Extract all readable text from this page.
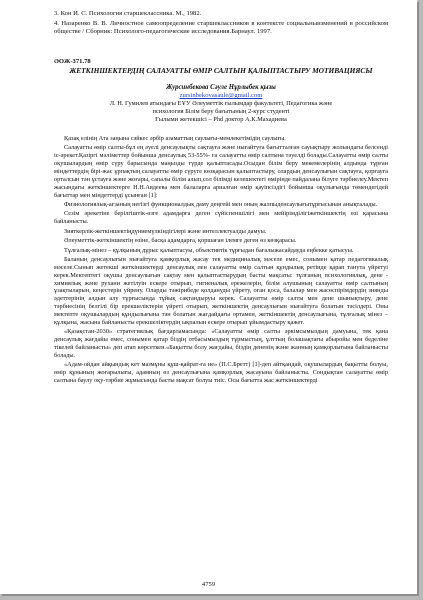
3. Кон И. С. Психология старшеклассника. М., 1982.
4. Назаренко В. В. Личностное самоопределение старшеклассников в контексте социальныизменений в российском обществе / Сборник: Психолого-педагогические исследования.Барнаул. 1997.
ӘОЖ-371.78
ЖЕТКІНШЕКТЕРДІҢ САЛАУАТТЫ ӨМІР САЛТЫН ҚАЛЫПТАСТЫРУ МОТИВАЦИЯСЫ
Журсинбекова Сәуле Нұрлыбек қызы
zursinbekovasaule@gmail.com
Л. Н. Гумилев атындағы ЕҰУ Әлеуметтік ғылымдар факультеті, Педагогика және
психология Білім беру бағытының 2-курс студенті
Ғылыми жетекшісі – Phd доктор А.К.Махадиева

Қазақ елінің Ата заңына сәйкес әрбір азаматтың саулығы-мемлекетімідің саулығы.

Салауатты өмір салты-бұл ең әуелі денсаулықты сақтауға және нығайтуға бағытталған сауықтыру жолындағы белсенді іс-әрекет.Қазіргі мәліметтер бойынша денсаулық 53-55%- ға салауатты өмір салтына тәуелді болады.Салауатты өмір салты оқушылардың өмір сүру барысында маңызды түрде қалыптасады.Осыдан білім беру мекемелерінің алдында тұрған міндеттердің бірі-жас ұрпақтың салауатты өмір сүруге көзқарасын қалыптастыру, олардың денсаулығын сақтауға, қорғауға орталсын тән ұстауға және жоғары, сапалы білім алып,сол білімді келешектегі өмірінде пайдалана білуге тәрбиелеу.Мектеп жасындағы жеткіншектерге Н.Н.Авдеева мен балаларға арналған өмір қауіпсіздігі бойынша оқулығында төмендегідей бағыттар мен міндеттерді ұсынған [1]:

Физиологиялық-ағзаның негізгі функционалдық даму деңгейі мен оның жалпыденсаулығытұрғысынан анықталады.

Сезім әрекетіне берілгіштік-өзге адамдарға деген сүйіспеншілігі мен мейірімділігіжеткіншектің өзі қарасына байланысты.

Зияткерлік-жеткіншектіңдүниемүлкіндігілері және интеллектуалды дамуы.

Әлеуметтік-жеткіншектің өзіне, басқа адамдарға, қоршаған ілемге деген өз көзқарасы.

Тұлғалық-мінез – құлқының дұрыс қалыптасуы, объективтік тұрғыдан бағалыжасайдауда еңбекке қатысуы.

Баланың денсаулығын нығайтуға қамқорлық жасау тек медициналық мәселе емес, сонымен қатар педагогикалық мәселе.Сынып жетекші жеткіншектерді денсаулық пен салауатты өмір салтын құндылық ретінде қарап танута үйретуі керек.Мектептегі оқушы денсаулығын сақтау мен қалыптастырудың басты мақсаты: тұлғаның психологиялық, дене - химиялық және рухани жетілуін ескере отырып, гигиеналық ережелерін, білім алушының салауатты өмір салтының ұзақтыларын, кеңестерін уйрену. Оларды тәжірибеде қолдануды үйрету, оған қоса, балалар мен жасөспірімдердің зиянды әдеттерінің алдын алу тұрғысында тұйық сақтандыруы керек. Салауатты өмір салты мен дене шынықтыру, дене тәрбиесінің белгілі бір ерекшеліктерін үйреті отырып, жеткіншектің денсаулығын нығайтуға болатын тәсілдері. Оны мектепте оқушылардың құндылығына тән болатын жағдайдағы ортамен, жеткіншектің денсаулығына, тұлғалық мінез – құлқына, жасына байланысты ерекшеліктердің ықпалын ескере отырып ұйымдастыру қажет.

«Қазақстан-2030» стратегиялық бағдарламасында: «Салауатты өмір салты әркімсымыздың дамуына, тек қана денсаулық жағдайы емес, сонымен қатар біздің отбасымыздың тұрмыстың, ұлттың болашақтағы абыройы мен беделіне тікелей байланысты» деп атап көрсеткен.«Бақытты болу жағдайы, біздің дененің және жанның қамқорлығына байланысты болады.

«Адам-ойдан айқындық кет мазмұны құш-қайрат-ға ие» (П.С.Бретт) [1]-деп айтқандай, оқушылардың бақытты болуы, өмір құнының жоғарылығы, адамның өз денсаулығына қамқорлық жасауына байланысты. Сондықтан салауатты өмір салтына баулу оқу-тәрбие жұмысында басты мақсат болуы тиіс. Осы бағытта жас жеткіншектерді

4759
